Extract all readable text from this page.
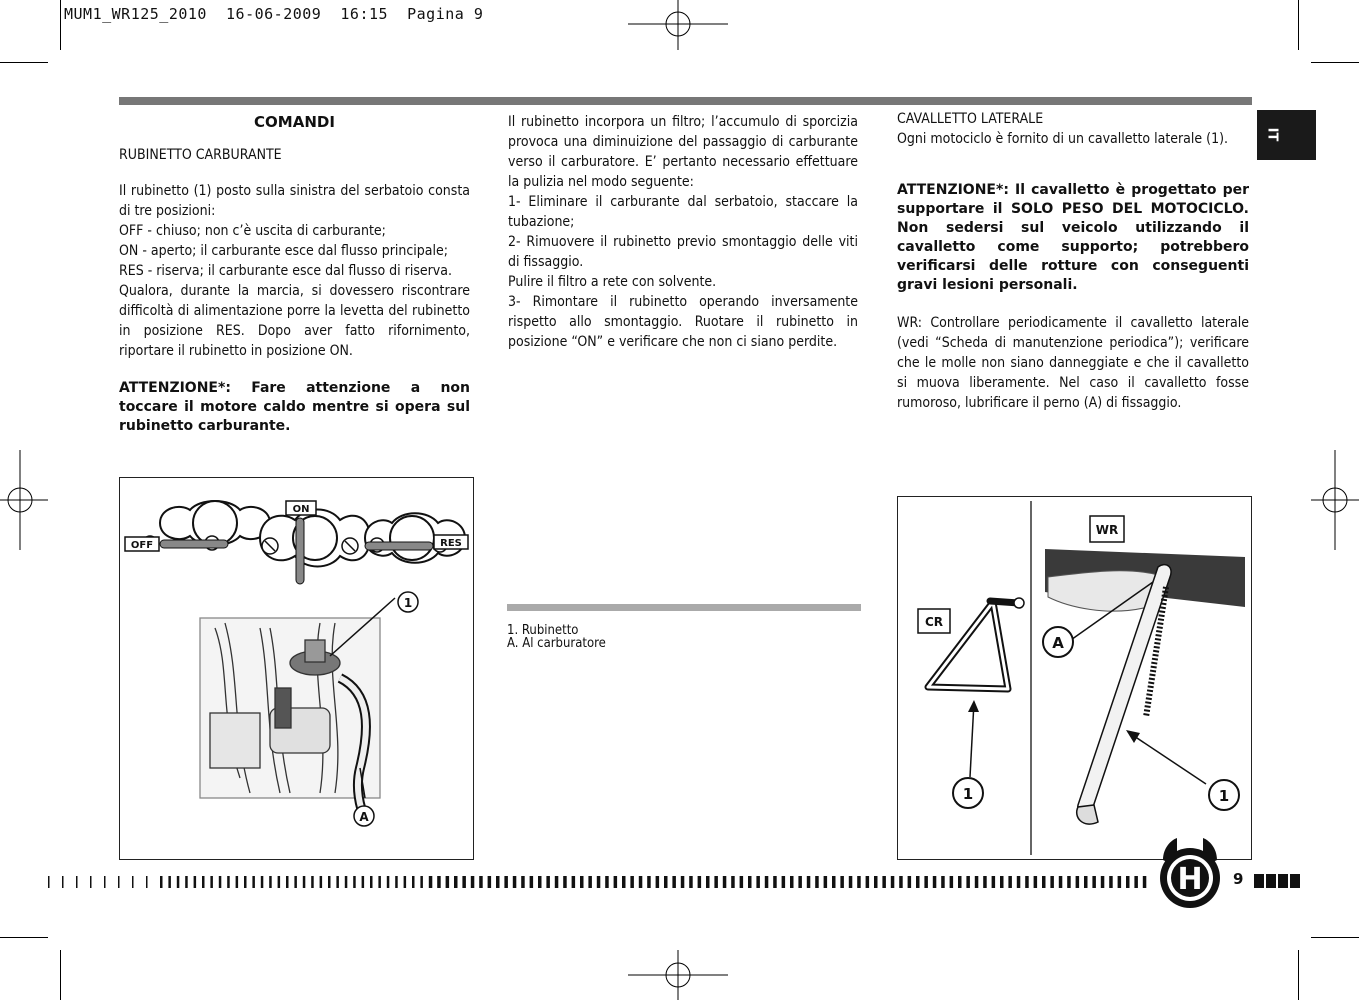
MUM1_WR125_2010  16-06-2009  16:15  Pagina 9
IT
COMANDI

RUBINETTO CARBURANTE

Il rubinetto (1) posto sulla sinistra del serbatoio consta di tre posizioni:

OFF - chiuso; non c’è uscita di carburante;

ON - aperto; il carburante esce dal flusso principale;

RES - riserva; il carburante esce dal flusso di riserva.

Qualora, durante la marcia, si dovessero riscontrare difficoltà di alimentazione porre la levetta del rubinetto in posizione RES. Dopo aver fatto rifornimento, riportare il rubinetto in posizione ON.

ATTENZIONE*: Fare attenzione a non toccare il motore caldo mentre si opera sul rubinetto carburante.

Il rubinetto incorpora un filtro; l’accumulo di sporcizia provoca una diminuizione del passaggio di carburante verso il carburatore. E’ pertanto necessario effettuare la pulizia nel modo seguente:

1- Eliminare il carburante dal serbatoio, staccare la tubazione;

2- Rimuovere il rubinetto previo smontaggio delle viti di fissaggio.

Pulire il filtro a rete con solvente.

3- Rimontare il rubinetto operando inversamente rispetto allo smontaggio. Ruotare il rubinetto in posizione “ON” e verificare che non ci siano perdite.

1. Rubinetto
A. Al carburatore

CAVALLETTO LATERALE

Ogni motociclo è fornito di un cavalletto laterale (1).

ATTENZIONE*: Il cavalletto è progettato per supportare il SOLO PESO DEL MOTOCICLO. Non sedersi sul veicolo utilizzando il cavalletto come supporto; potrebbero verificarsi delle rotture con conseguenti gravi lesioni personali.

WR: Controllare periodicamente il cavalletto laterale (vedi “Scheda di manutenzione periodica”); verificare che le molle non siano danneggiate e che il cavalletto si muova liberamente. Nel caso il cavalletto fosse rumoroso, lubrificare il perno (A) di fissaggio.

OFF
ON
RES
1
A
CR
1
WR
A
1
H 9
